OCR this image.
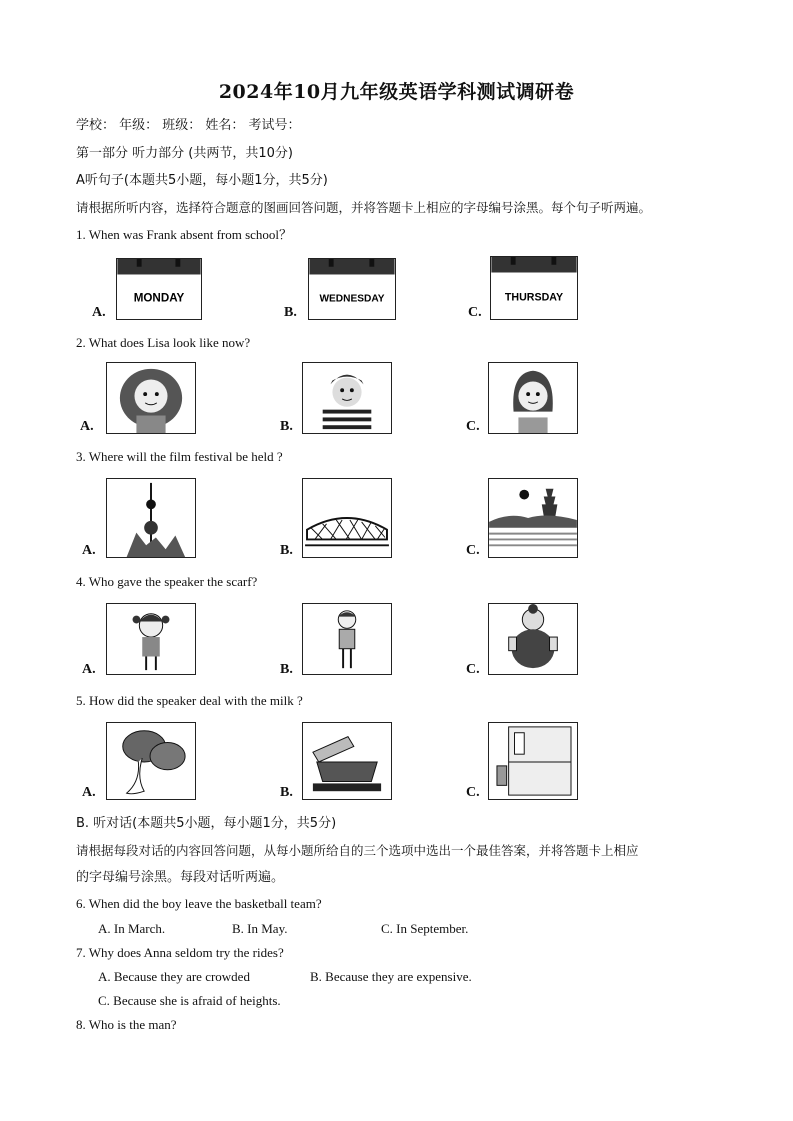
2024年10月九年级英语学科测试调研卷
学校： 年级： 班级： 姓名： 考试号：
第一部分 听力部分 (共两节，共10分)
A听句子(本题共5小题，每小题1分，共5分)
请根据所听内容，选择符合题意的图画回答问题，并将答题卡上相应的字母编号涂黑。每个句子听两遍。
1. When was Frank absent from school？
A.
MONDAY
B.
WEDNESDAY
C.
THURSDAY
2. What does Lisa look like now?
A.	B.	C.
3. Where will the film festival be held ?
A.	B.	C.
4. Who gave the speaker the scarf?
A.	B.	C.
5. How did the speaker deal with the milk ?
A.	B.	C.
B. 听对话(本题共5小题，每小题1分，共5分)
请根据每段对话的内容回答问题，从每小题所给自的三个选项中选出一个最佳答案，并将答题卡上相应
的字母编号涂黑。每段对话听两遍。
6. When did the boy leave the basketball team?
A. In March.	B. In May.	C. In September.
7. Why does Anna seldom try the rides?
A. Because they are crowded	B. Because they are expensive.
C. Because she is afraid of heights.
8. Who is the man?
